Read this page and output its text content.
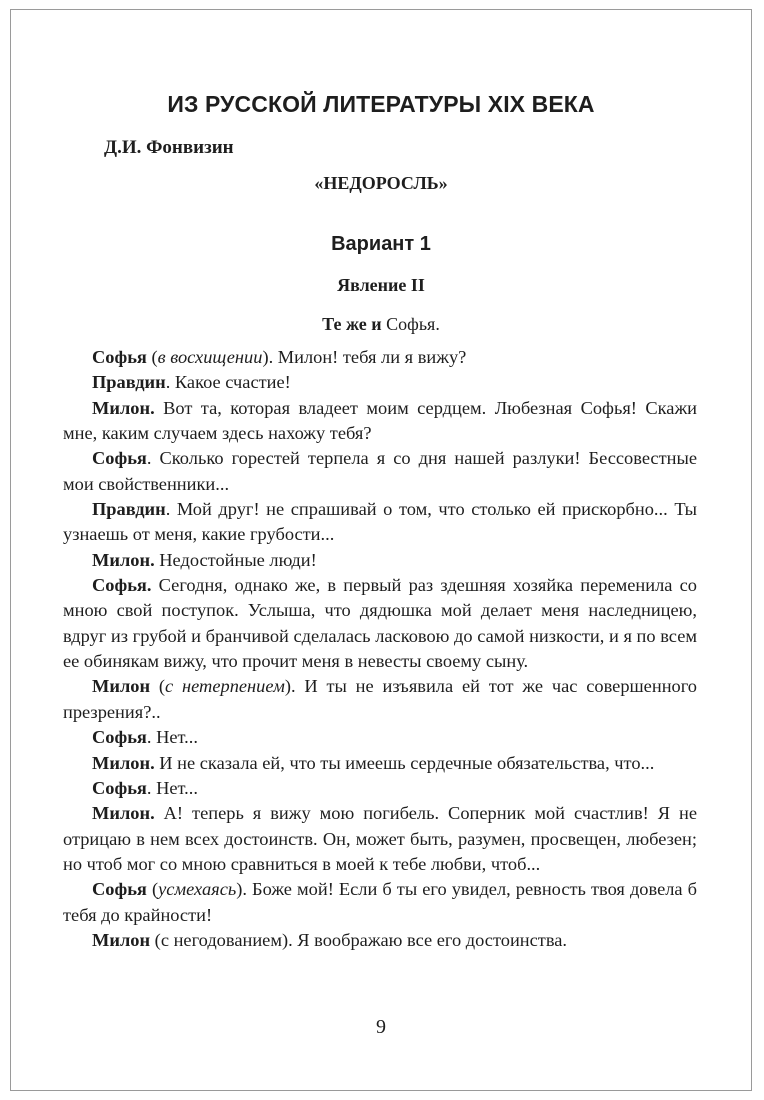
ИЗ РУССКОЙ ЛИТЕРАТУРЫ XIX ВЕКА
Д.И. Фонвизин
«НЕДОРОСЛЬ»
Вариант 1
Явление II
Те же и Софья.

Софья (в восхищении). Милон! тебя ли я вижу?

Правдин. Какое счастие!

Милон. Вот та, которая владеет моим сердцем. Любезная Софья! Скажи мне, каким случаем здесь нахожу тебя?

Софья. Сколько горестей терпела я со дня нашей разлуки! Бессовестные мои свойственники...

Правдин. Мой друг! не спрашивай о том, что столько ей прискорбно... Ты узнаешь от меня, какие грубости...

Милон. Недостойные люди!

Софья. Сегодня, однако же, в первый раз здешняя хозяйка переменила со мною свой поступок. Услыша, что дядюшка мой делает меня наследницею, вдруг из грубой и бранчивой сделалась ласковою до самой низкости, и я по всем ее обинякам вижу, что прочит меня в невесты своему сыну.

Милон (с нетерпением). И ты не изъявила ей тот же час совершенного презрения?..

Софья. Нет...

Милон. И не сказала ей, что ты имеешь сердечные обязательства, что...

Софья. Нет...

Милон. А! теперь я вижу мою погибель. Соперник мой счастлив! Я не отрицаю в нем всех достоинств. Он, может быть, разумен, просвещен, любезен; но чтоб мог со мною сравниться в моей к тебе любви, чтоб...

Софья (усмехаясь). Боже мой! Если б ты его увидел, ревность твоя довела б тебя до крайности!

Милон (с негодованием). Я воображаю все его достоинства.

9
